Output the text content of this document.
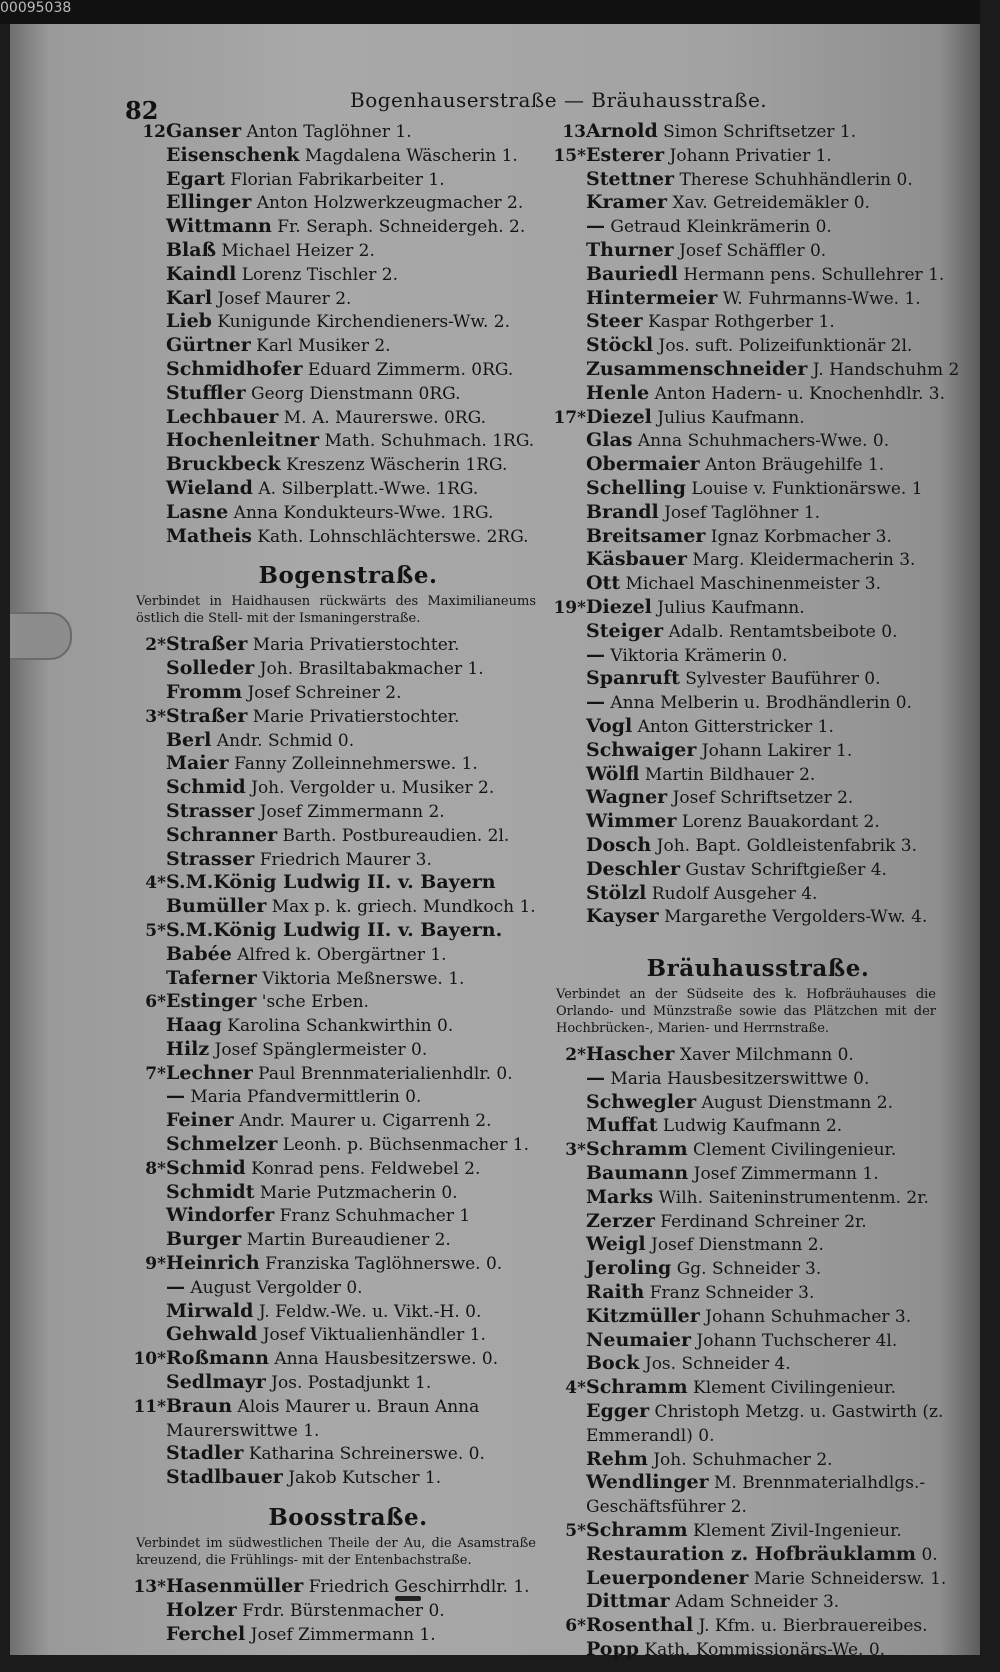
00095038
82	Bogenhauserstraße — Bräuhausstraße.
12Ganser Anton Taglöhner 1.
Eisenschenk Magdalena Wäscherin 1.
Egart Florian Fabrikarbeiter 1.
Ellinger Anton Holzwerkzeugmacher 2.
Wittmann Fr. Seraph. Schneidergeh. 2.
Blaß Michael Heizer 2.
Kaindl Lorenz Tischler 2.
Karl Josef Maurer 2.
Lieb Kunigunde Kirchendieners-Ww. 2.
Gürtner Karl Musiker 2.
Schmidhofer Eduard Zimmerm. 0RG.
Stuffler Georg Dienstmann 0RG.
Lechbauer M. A. Maurerswe. 0RG.
Hochenleitner Math. Schuhmach. 1RG.
Bruckbeck Kreszenz Wäscherin 1RG.
Wieland A. Silberplatt.-Wwe. 1RG.
Lasne Anna Kondukteurs-Wwe. 1RG.
Matheis Kath. Lohnschlächterswe. 2RG.
Bogenstraße.
Verbindet in Haidhausen rückwärts des Maximilianeums östlich die Stell- mit der Ismaningerstraße.
2*Straßer Maria Privatierstochter.
Solleder Joh. Brasiltabakmacher 1.
Fromm Josef Schreiner 2.
3*Straßer Marie Privatierstochter.
Berl Andr. Schmid 0.
Maier Fanny Zolleinnehmerswe. 1.
Schmid Joh. Vergolder u. Musiker 2.
Strasser Josef Zimmermann 2.
Schranner Barth. Postbureaudien. 2l.
Strasser Friedrich Maurer 3.
4*S.M.König Ludwig II. v. Bayern
Bumüller Max p. k. griech. Mundkoch 1.
5*S.M.König Ludwig II. v. Bayern.
Babée Alfred k. Obergärtner 1.
Taferner Viktoria Meßnerswe. 1.
6*Estinger 'sche Erben.
Haag Karolina Schankwirthin 0.
Hilz Josef Spänglermeister 0.
7*Lechner Paul Brennmaterialienhdlr. 0.
— Maria Pfandvermittlerin 0.
Feiner Andr. Maurer u. Cigarrenh 2.
Schmelzer Leonh. p. Büchsenmacher 1.
8*Schmid Konrad pens. Feldwebel 2.
Schmidt Marie Putzmacherin 0.
Windorfer Franz Schuhmacher 1
Burger Martin Bureaudiener 2.
9*Heinrich Franziska Taglöhnerswe. 0.
— August Vergolder 0.
Mirwald J. Feldw.-We. u. Vikt.-H. 0.
Gehwald Josef Viktualienhändler 1.
10*Roßmann Anna Hausbesitzerswe. 0.
Sedlmayr Jos. Postadjunkt 1.
11*Braun Alois Maurer u. Braun Anna
Maurerswittwe 1.
Stadler Katharina Schreinerswe. 0.
Stadlbauer Jakob Kutscher 1.
Boosstraße.
Verbindet im südwestlichen Theile der Au, die Asamstraße kreuzend, die Frühlings- mit der Entenbachstraße.
13*Hasenmüller Friedrich Geschirrhdlr. 1.
Holzer Frdr. Bürstenmacher 0.
Ferchel Josef Zimmermann 1.
13Arnold Simon Schriftsetzer 1.
15*Esterer Johann Privatier 1.
Stettner Therese Schuhhändlerin 0.
Kramer Xav. Getreidemäkler 0.
— Getraud Kleinkrämerin 0.
Thurner Josef Schäffler 0.
Bauriedl Hermann pens. Schullehrer 1.
Hintermeier W. Fuhrmanns-Wwe. 1.
Steer Kaspar Rothgerber 1.
Stöckl Jos. suft. Polizeifunktionär 2l.
Zusammenschneider J. Handschuhm 2
Henle Anton Hadern- u. Knochenhdlr. 3.
17*Diezel Julius Kaufmann.
Glas Anna Schuhmachers-Wwe. 0.
Obermaier Anton Bräugehilfe 1.
Schelling Louise v. Funktionärswe. 1
Brandl Josef Taglöhner 1.
Breitsamer Ignaz Korbmacher 3.
Käsbauer Marg. Kleidermacherin 3.
Ott Michael Maschinenmeister 3.
19*Diezel Julius Kaufmann.
Steiger Adalb. Rentamtsbeibote 0.
— Viktoria Krämerin 0.
Spanruft Sylvester Bauführer 0.
— Anna Melberin u. Brodhändlerin 0.
Vogl Anton Gitterstricker 1.
Schwaiger Johann Lakirer 1.
Wölfl Martin Bildhauer 2.
Wagner Josef Schriftsetzer 2.
Wimmer Lorenz Bauakordant 2.
Dosch Joh. Bapt. Goldleistenfabrik 3.
Deschler Gustav Schriftgießer 4.
Stölzl Rudolf Ausgeher 4.
Kayser Margarethe Vergolders-Ww. 4.
Bräuhausstraße.
Verbindet an der Südseite des k. Hofbräuhauses die Orlando- und Münzstraße sowie das Plätzchen mit der Hochbrücken-, Marien- und Herrnstraße.
2*Hascher Xaver Milchmann 0.
— Maria Hausbesitzerswittwe 0.
Schwegler August Dienstmann 2.
Muffat Ludwig Kaufmann 2.
3*Schramm Clement Civilingenieur.
Baumann Josef Zimmermann 1.
Marks Wilh. Saiteninstrumentenm. 2r.
Zerzer Ferdinand Schreiner 2r.
Weigl Josef Dienstmann 2.
Jeroling Gg. Schneider 3.
Raith Franz Schneider 3.
Kitzmüller Johann Schuhmacher 3.
Neumaier Johann Tuchscherer 4l.
Bock Jos. Schneider 4.
4*Schramm Klement Civilingenieur.
Egger Christoph Metzg. u. Gastwirth (z.
Emmerandl) 0.
Rehm Joh. Schuhmacher 2.
Wendlinger M. Brennmaterialhdlgs.-
Geschäftsführer 2.
5*Schramm Klement Zivil-Ingenieur.
Restauration z. Hofbräuklamm 0.
Leuerpondener Marie Schneidersw. 1.
Dittmar Adam Schneider 3.
6*Rosenthal J. Kfm. u. Bierbrauereibes.
Popp Kath. Kommissionärs-We. 0.
